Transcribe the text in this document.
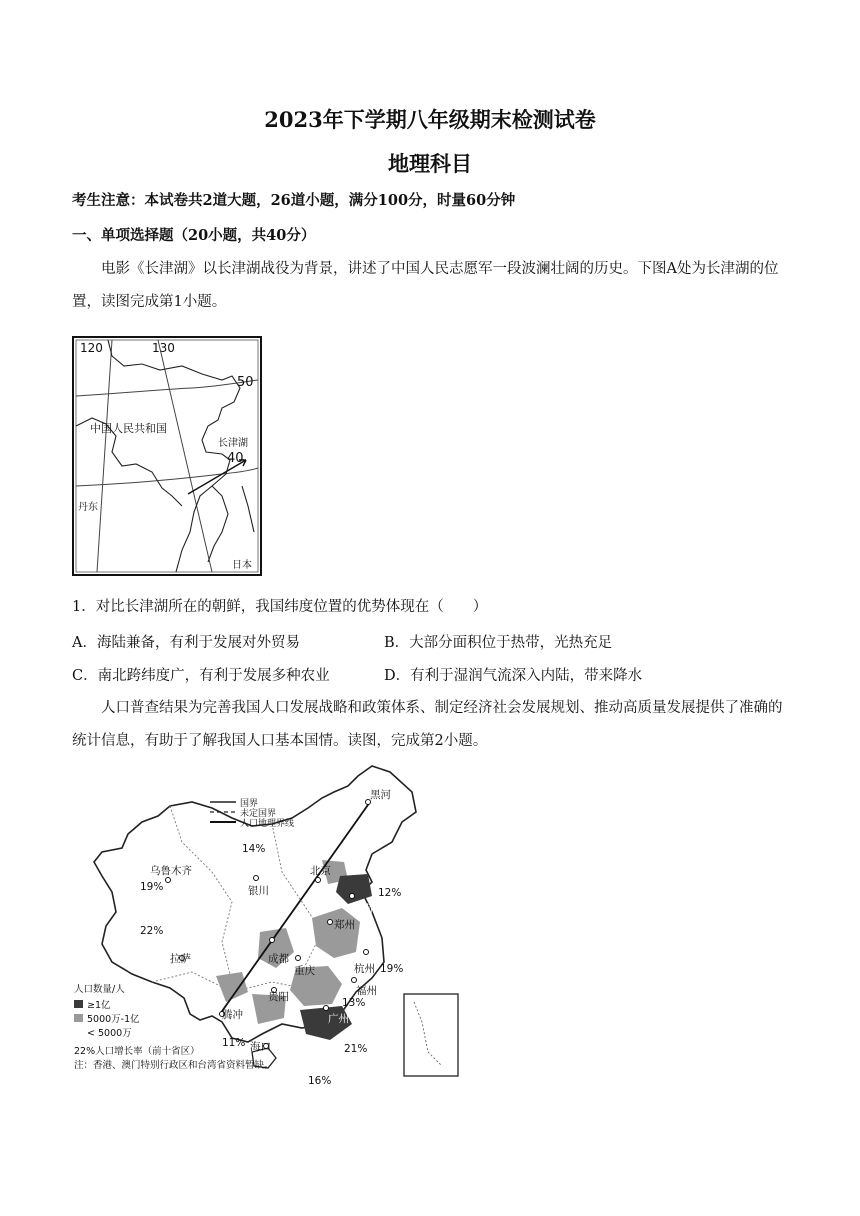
2023年下学期八年级期末检测试卷
地理科目
考生注意：本试卷共2道大题，26道小题，满分100分，时量60分钟
一、单项选择题（20小题，共40分）
电影《长津湖》以长津湖战役为背景，讲述了中国人民志愿军一段波澜壮阔的历史。下图A处为长津湖的位置，读图完成第1小题。
120	130
50
40
中国人民共和国
长津湖
丹东
日本
1．对比长津湖所在的朝鲜，我国纬度位置的优势体现在（　　）
A．海陆兼备，有利于发展对外贸易	B．大部分面积位于热带，光热充足
C．南北跨纬度广，有利于发展多种农业	D．有利于湿润气流深入内陆，带来降水
人口普查结果为完善我国人口发展战略和政策体系、制定经济社会发展规划、推动高质量发展提供了准确的统计信息，有助于了解我国人口基本国情。读图，完成第2小题。
国界
未定国界
人口地理界线
黑河
乌鲁木齐
银川
北京
济南
郑州
成都
重庆	杭州
贵阳
拉萨
福州
腾冲	广州
海口
14%
19%
22%
12%
19%
13%
21%
11%
16%
人口数量/人
≥1亿
5000万-1亿
< 5000万
22%人口增长率（前十省区）
注：香港、澳门特别行政区和台湾省资料暂缺。
